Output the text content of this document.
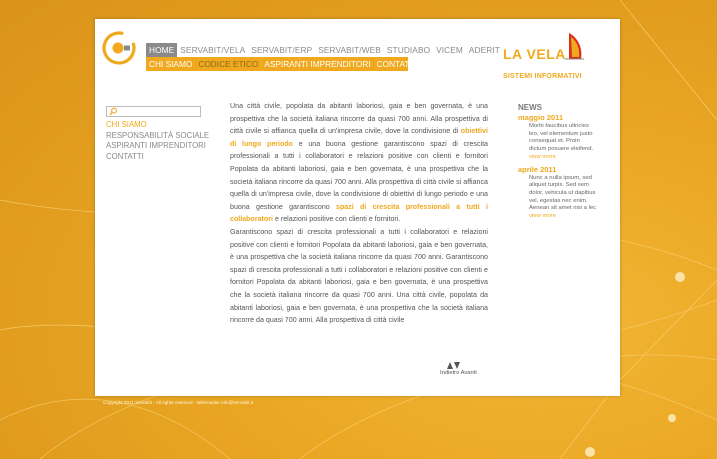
HOME SERVABIT/VELA SERVABIT/ERP SERVABIT/WEB STUDIABO VICEM ADERIT
CHI SIAMO CODICE ETICO ASPIRANTI IMPRENDITORI CONTATTI
LA VELA
SISTEMI INFORMATIVI
CHI SIAMO
RESPONSABILITÀ SOCIALE
ASPIRANTI IMPRENDITORI
CONTATTI

Una città civile, popolata da abitanti laboriosi, gaia e ben governata, è una prospettiva che la società italiana rincorre da quasi 700 anni. Alla prospettiva di città civile si affianca quella di un'impresa civile, dove la condivisione di obiettivi di lungo periodo e una buona gestione garantiscono spazi di crescita professionali a tutti i collaboratori e relazioni positive con clienti e fornitori Popolata da abitanti laboriosi, gaia e ben governata, è una prospettiva che la società italiana rincorre da quasi 700 anni. Alla prospettiva di città civile si affianca quella di un'impresa civile, dove la condivisione di obiettivi di lungo periodo e una buona gestione garantiscono spazi di crescita professionali a tutti i collaboratori e relazioni positive con clienti e fornitori.

Garantiscono spazi di crescita professionali a tutti i collaboratori e relazioni positive con clienti e fornitori Popolata da abitanti laboriosi, gaia e ben governata, è una prospettiva che la società italiana rincorre da quasi 700 anni. Garantiscono spazi di crescita professionali a tutti i collaboratori e relazioni positive con clienti e fornitori Popolata da abitanti laboriosi, gaia e ben governata, è una prospettiva che la società italiana rincorre da quasi 700 anni. Una città civile, popolata da abitanti laboriosi, gaia e ben governata, è una prospettiva che la società italiana rincorre da quasi 700 anni. Alla prospettiva di città civile

Indietro Avanti
NEWS
maggio 2011
Morbi faucibus ultricies leo, vel elementum justo consequat et. Proin dictum posuere eleifend.
view more
aprile 2011
Nunc a nulla ipsum, sed aliquet turpis. Sed sem dolor, vehicula ut dapibus vel, egestas nec enim. Aenean sit amet nisi a lec
view more
Copyright 2011 Servabit - All rights reserved - Webmaster info@servabit.it
